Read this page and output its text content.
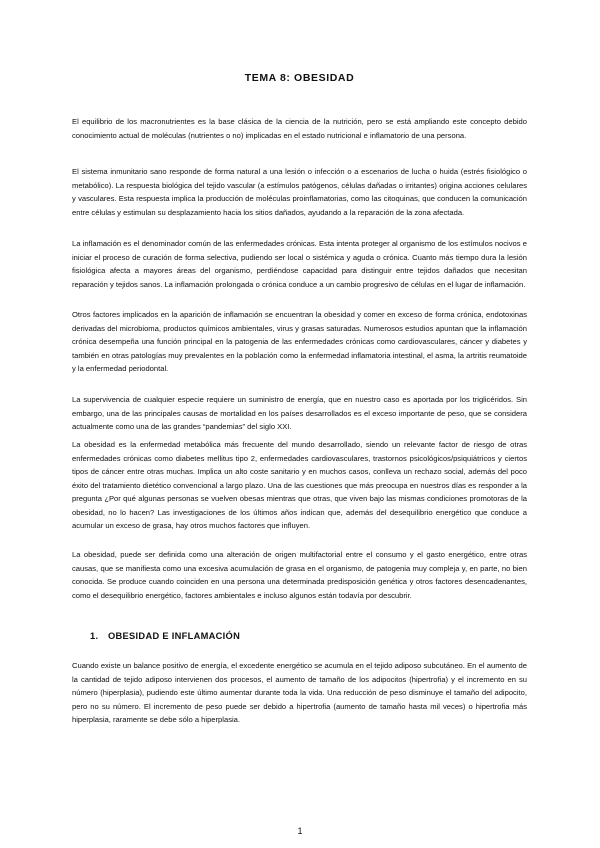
TEMA 8: OBESIDAD

El equilibrio de los macronutrientes es la base clásica de la ciencia de la nutrición, pero se está ampliando este concepto debido conocimiento actual de moléculas (nutrientes o no) implicadas en el estado nutricional e inflamatorio de una persona.

El sistema inmunitario sano responde de forma natural a una lesión o infección o a escenarios de lucha o huida (estrés fisiológico o metabólico). La respuesta biológica del tejido vascular (a estímulos patógenos, células dañadas o irritantes) origina acciones celulares y vasculares. Esta respuesta implica la producción de moléculas proinflamatorias, como las citoquinas, que conducen la comunicación entre células y estimulan su desplazamiento hacia los sitios dañados, ayudando a la reparación de la zona afectada.

La inflamación es el denominador común de las enfermedades crónicas. Esta intenta proteger al organismo de los estímulos nocivos e iniciar el proceso de curación de forma selectiva, pudiendo ser local o sistémica y aguda o crónica. Cuanto más tiempo dura la lesión fisiológica afecta a mayores áreas del organismo, perdiéndose capacidad para distinguir entre tejidos dañados que necesitan reparación y tejidos sanos. La inflamación prolongada o crónica conduce a un cambio progresivo de células en el lugar de inflamación.

Otros factores implicados en la aparición de inflamación se encuentran la obesidad y comer en exceso de forma crónica, endotoxinas derivadas del microbioma, productos químicos ambientales, virus y grasas saturadas. Numerosos estudios apuntan que la inflamación crónica desempeña una función principal en la patogenia de las enfermedades crónicas como cardiovasculares, cáncer y diabetes y también en otras patologías muy prevalentes en la población como la enfermedad inflamatoria intestinal, el asma, la artritis reumatoide y la enfermedad periodontal.

La supervivencia de cualquier especie requiere un suministro de energía, que en nuestro caso es aportada por los triglicéridos. Sin embargo, una de las principales causas de mortalidad en los países desarrollados es el exceso importante de peso, que se considera actualmente como una de las grandes “pandemias” del siglo XXI.

La obesidad es la enfermedad metabólica más frecuente del mundo desarrollado, siendo un relevante factor de riesgo de otras enfermedades crónicas como diabetes mellitus tipo 2, enfermedades cardiovasculares, trastornos psicológicos/psiquiátricos y ciertos tipos de cáncer entre otras muchas. Implica un alto coste sanitario y en muchos casos, conlleva un rechazo social, además del poco éxito del tratamiento dietético convencional a largo plazo. Una de las cuestiones que más preocupa en nuestros días es responder a la pregunta ¿Por qué algunas personas se vuelven obesas mientras que otras, que viven bajo las mismas condiciones promotoras de la obesidad, no lo hacen? Las investigaciones de los últimos años indican que, además del desequilibrio energético que conduce a acumular un exceso de grasa, hay otros muchos factores que influyen.

La obesidad, puede ser definida como una alteración de origen multifactorial entre el consumo y el gasto energético, entre otras causas, que se manifiesta como una excesiva acumulación de grasa en el organismo, de patogenia muy compleja y, en parte, no bien conocida. Se produce cuando coinciden en una persona una determinada predisposición genética y otros factores desencadenantes, como el desequilibrio energético, factores ambientales e incluso algunos están todavía por descubrir.

1. OBESIDAD E INFLAMACIÓN

Cuando existe un balance positivo de energía, el excedente energético se acumula en el tejido adiposo subcutáneo. En el aumento de la cantidad de tejido adiposo intervienen dos procesos, el aumento de tamaño de los adipocitos (hipertrofia) y el incremento en su número (hiperplasia), pudiendo este último aumentar durante toda la vida. Una reducción de peso disminuye el tamaño del adipocito, pero no su número. El incremento de peso puede ser debido a hipertrofia (aumento de tamaño hasta mil veces) o hipertrofia más hiperplasia, raramente se debe sólo a hiperplasia.

1
